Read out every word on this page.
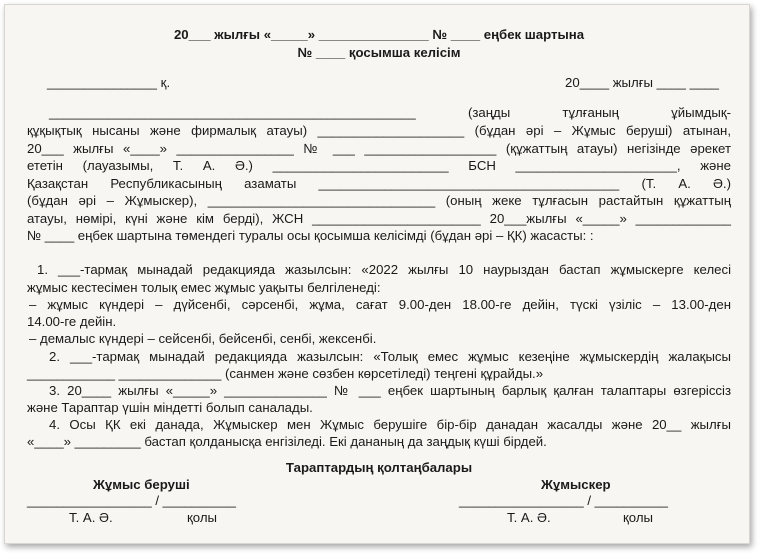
20___ жылғы «_____» _______________ № ____ еңбек шартына
№ ____ қосымша келісім
_______________ қ.	20____ жылғы ____ ____
__________________________________________________ (заңды тұлғаның ұйымдық-
құқықтық нысаны және фирмалық атауы) ____________________ (бұдан әрі – Жұмыс беруші) атынан,
20___ жылғы «____» ________________ № ___ __________________ (құжаттың атауы) негізінде әрекет
ететін (лауазымы, Т. А. Ә.) ________________________ БСН ______________________, және
Қазақстан Республикасының азаматы _________________________________________ (Т. А. Ә.)
(бұдан әрі – Жұмыскер), _______________________________ (оның жеке тұлғасын растайтын құжаттың
атауы, нөмірі, күні және кім берді), ЖСН _______________________ 20___жылғы «_____» _____________
№ ____ еңбек шартына төмендегі туралы осы қосымша келісімді (бұдан әрі – ҚК) жасасты: :
1. ___-тармақ мынадай редакцияда жазылсын: «2022 жылғы 10 наурыздан бастап жұмыскерге келесі
жұмыс кестесімен толық емес жұмыс уақыты белгіленеді:
– жұмыс күндері – дүйсенбі, сәрсенбі, жұма, сағат 9.00-ден 18.00-ге дейін, түскі үзіліс – 13.00-ден
14.00-ге дейін.
– демалыс күндері – сейсенбі, бейсенбі, сенбі, жексенбі.
2. ___-тармақ мынадай редакцияда жазылсын: «Толық емес жұмыс кезеңіне жұмыскердің жалақысы
____________ ______________ (санмен және сөзбен көрсетіледі) теңгені құрайды.»
3. 20____ жылғы «_____» ______________ № ___ еңбек шартының барлық қалған талаптары өзгеріссіз
және Тараптар үшін міндетті болып саналады.
4. Осы ҚК екі данада, Жұмыскер мен Жұмыс берушіге бір-бір данадан жасалды және 20__ жылғы
«____» _________ бастап қолданысқа енгізіледі. Екі дананың да заңдық күші бірдей.
Тараптардың қолтаңбалары
Жұмыс беруші	Жұмыскер
_________________ / __________	_________________ / __________
Т. А. Ә.	қолы	Т. А. Ә.	қолы
